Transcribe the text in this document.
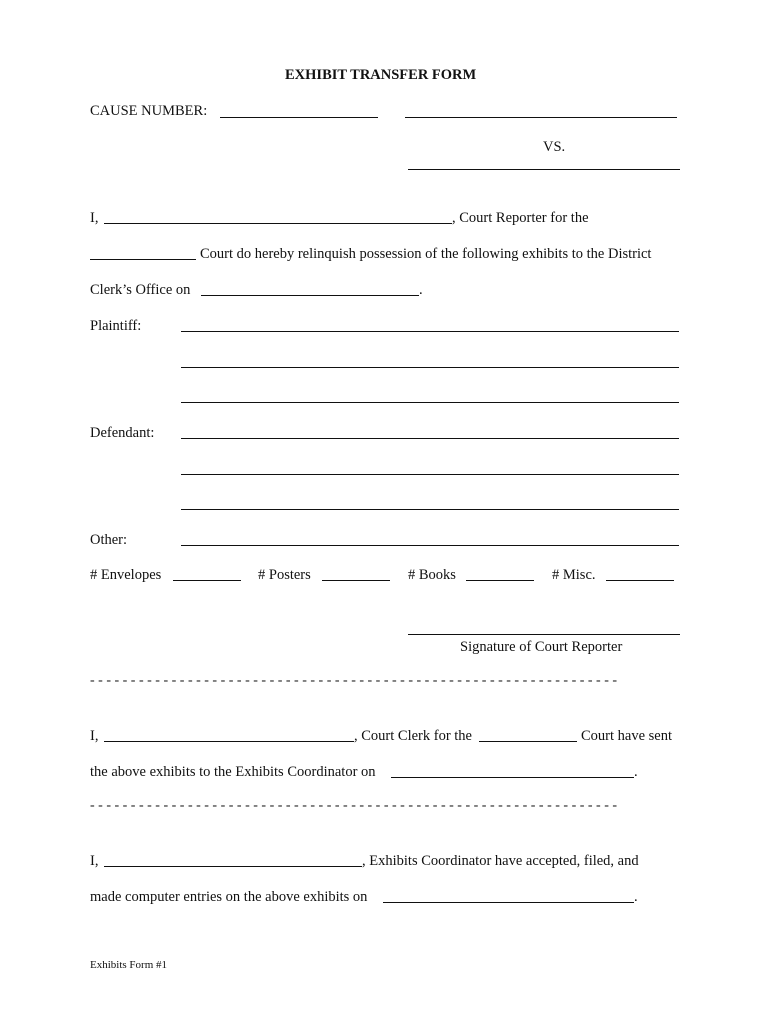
EXHIBIT TRANSFER FORM
CAUSE NUMBER:
VS.
I,	, Court Reporter for the
Court do hereby relinquish possession of the following exhibits to the District
Clerk’s Office on	.
Plaintiff:
Defendant:
Other:
# Envelopes	# Posters	# Books	# Misc.
Signature of Court Reporter
- - - - - - - - - - - - - - - - - - - - - - - - - - - - - - - - - - - - - - - - - - - - - - - - - - - - - - - - - - - - - - - - -
I,	, Court Clerk for the	Court have sent
the above exhibits to the Exhibits Coordinator on	.
- - - - - - - - - - - - - - - - - - - - - - - - - - - - - - - - - - - - - - - - - - - - - - - - - - - - - - - - - - - - - - - - -
I,	, Exhibits Coordinator have accepted, filed, and
made computer entries on the above exhibits on	.
Exhibits Form #1
